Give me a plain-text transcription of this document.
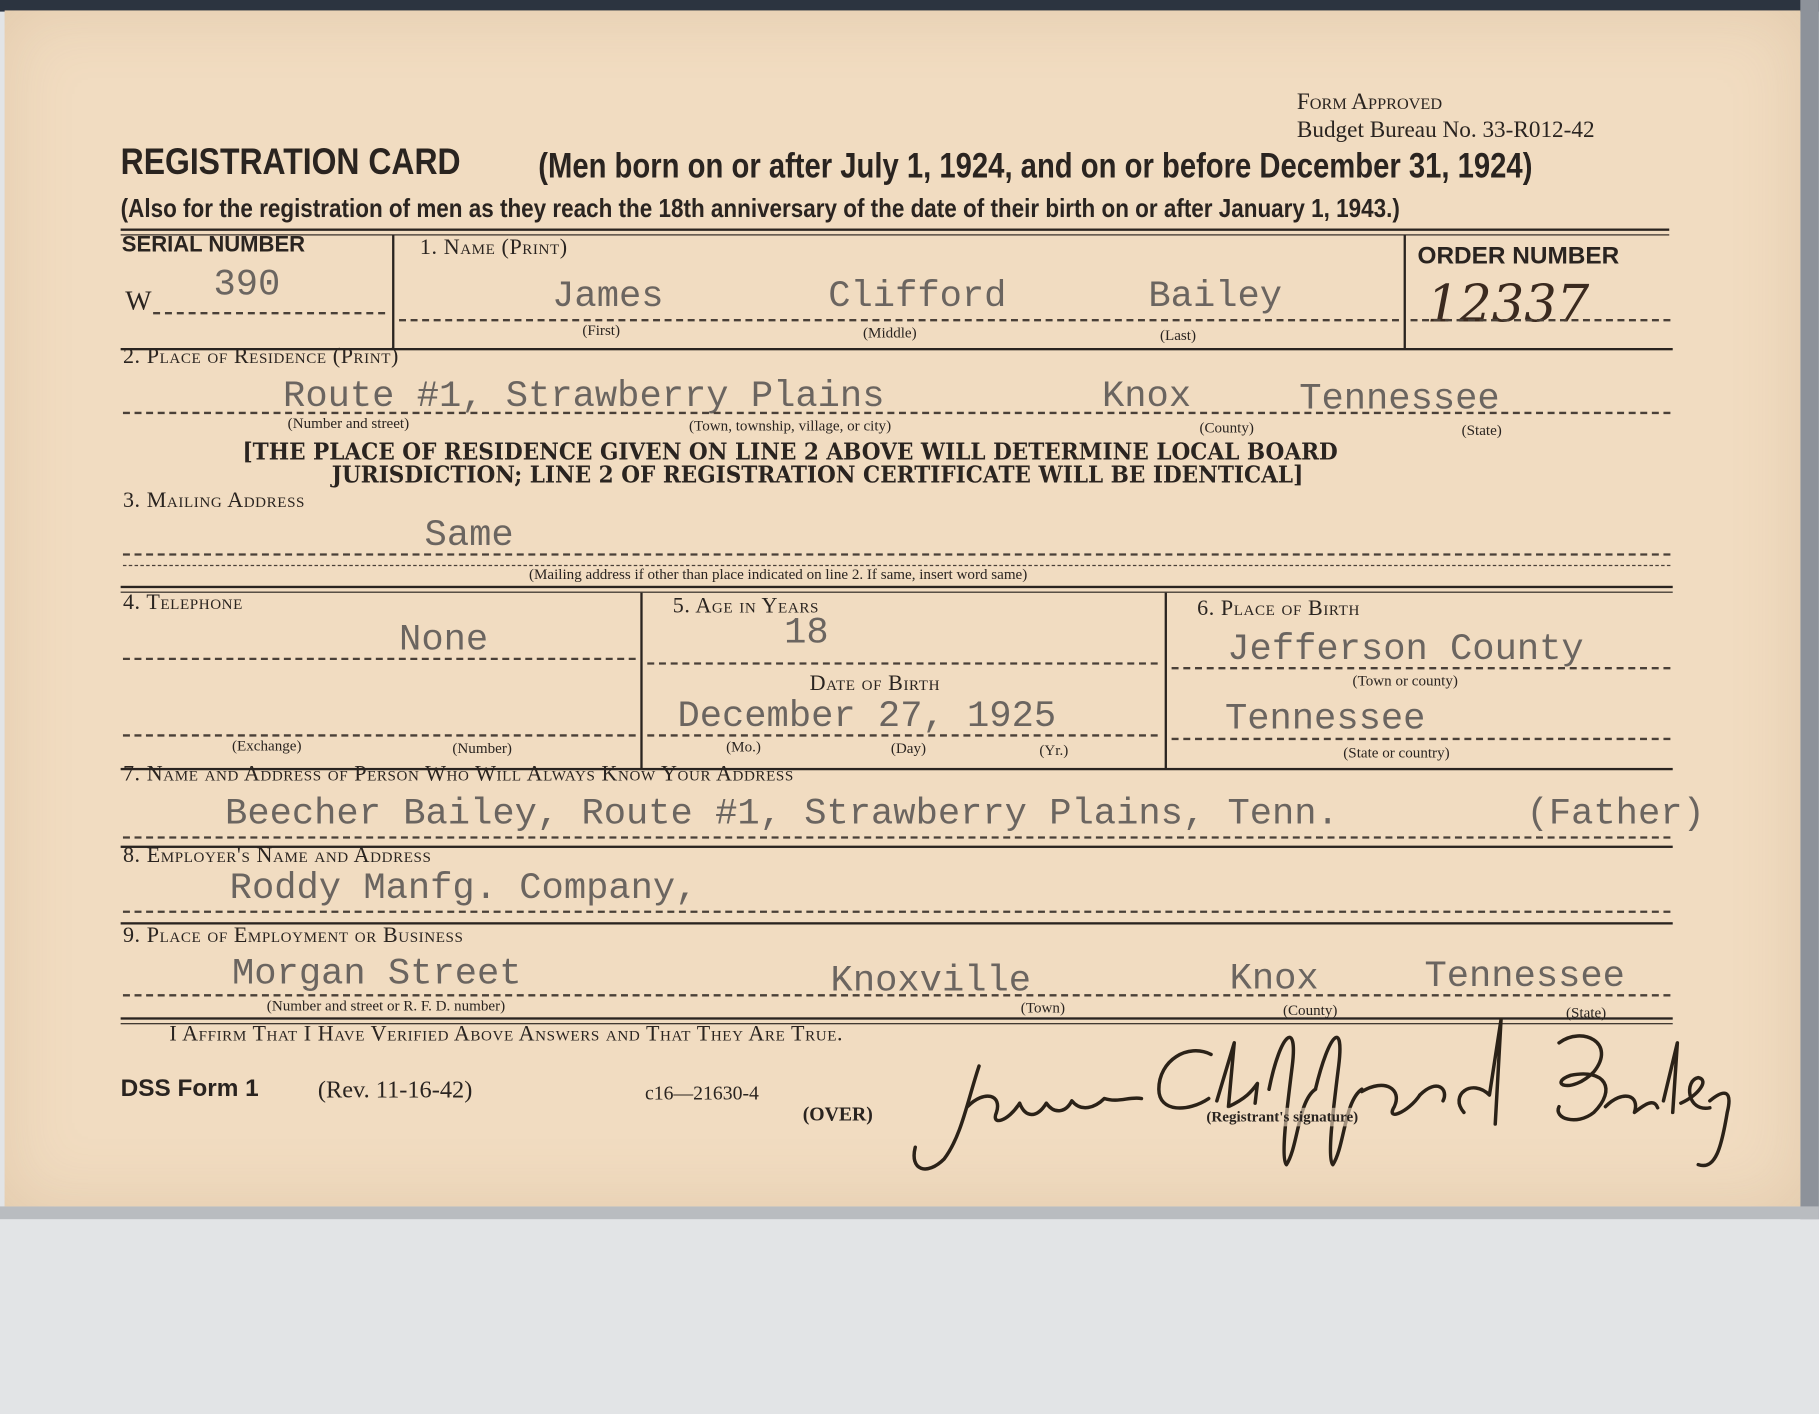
Form Approved
Budget Bureau No. 33-R012-42
REGISTRATION CARD	(Men born on or after July 1, 1924, and on or before December 31, 1924)
(Also for the registration of men as they reach the 18th anniversary of the date of their birth on or after January 1, 1943.)
SERIAL NUMBER
W 390
1. Name (Print)
James	Clifford	Bailey
(First)	(Middle)	(Last)
ORDER NUMBER
12337
2. Place of Residence (Print)
Route #1, Strawberry Plains	Knox	Tennessee
(Number and street)	(Town, township, village, or city)	(County)	(State)
[THE PLACE OF RESIDENCE GIVEN ON LINE 2 ABOVE WILL DETERMINE LOCAL BOARD
JURISDICTION; LINE 2 OF REGISTRATION CERTIFICATE WILL BE IDENTICAL]
3. Mailing Address
Same
(Mailing address if other than place indicated on line 2. If same, insert word same)
4. Telephone
None
(Exchange)	(Number)
5. Age in Years
18
Date of Birth
December 27, 1925
(Mo.)	(Day)	(Yr.)
6. Place of Birth
Jefferson County
(Town or county)
Tennessee
(State or country)
7. Name and Address of Person Who Will Always Know Your Address
Beecher Bailey, Route #1, Strawberry Plains, Tenn.	(Father)
8. Employer's Name and Address
Roddy Manfg. Company,
9. Place of Employment or Business
Morgan Street	Knoxville	Knox	Tennessee
(Number and street or R. F. D. number)	(Town)	(County)	(State)
I Affirm That I Have Verified Above Answers and That They Are True.
DSS Form 1	(Rev. 11-16-42)	c16—21630-4
(OVER)	(Registrant's signature)
